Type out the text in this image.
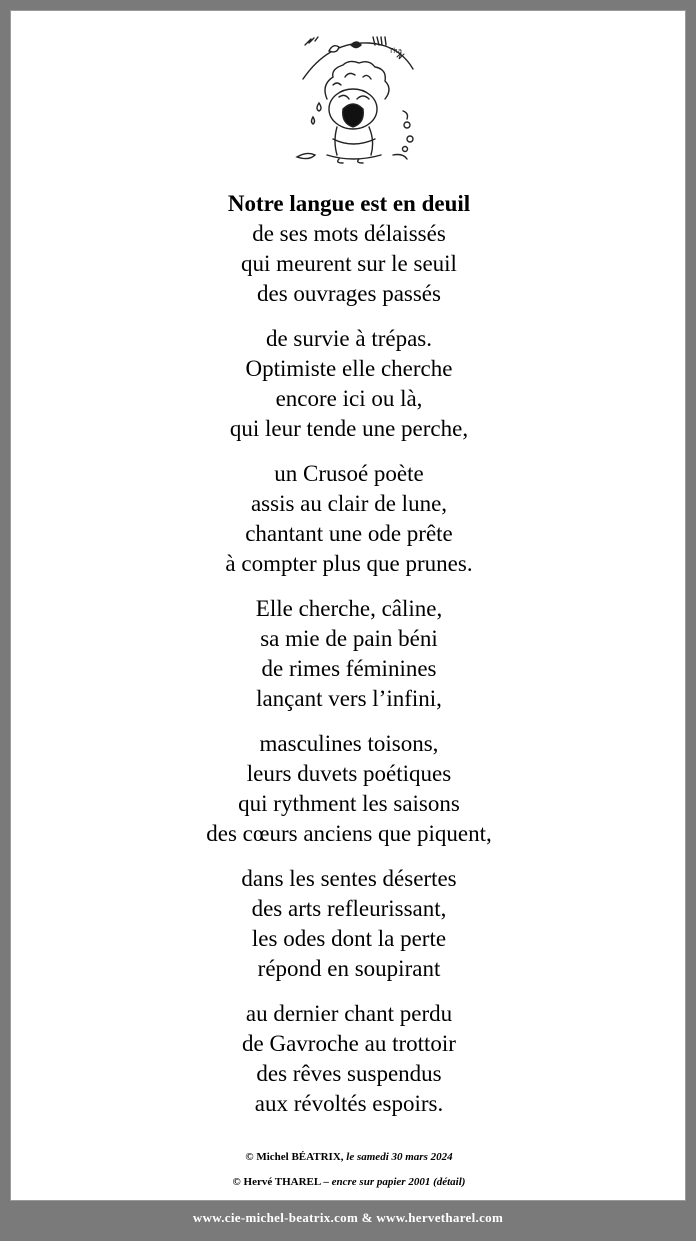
Tha
Notre langue est en deuil
de ses mots délaissés
qui meurent sur le seuil
des ouvrages passés
de survie à trépas.
Optimiste elle cherche
encore ici ou là,
qui leur tende une perche,
un Crusoé poète
assis au clair de lune,
chantant une ode prête
à compter plus que prunes.
Elle cherche, câline,
sa mie de pain béni
de rimes féminines
lançant vers l’infini,
masculines toisons,
leurs duvets poétiques
qui rythment les saisons
des cœurs anciens que piquent,
dans les sentes désertes
des arts refleurissant,
les odes dont la perte
répond en soupirant
au dernier chant perdu
de Gavroche au trottoir
des rêves suspendus
aux révoltés espoirs.
© Michel BÉATRIX, le samedi 30 mars 2024
© Hervé THAREL – encre sur papier 2001 (détail)
www.cie-michel-beatrix.com & www.hervetharel.com
